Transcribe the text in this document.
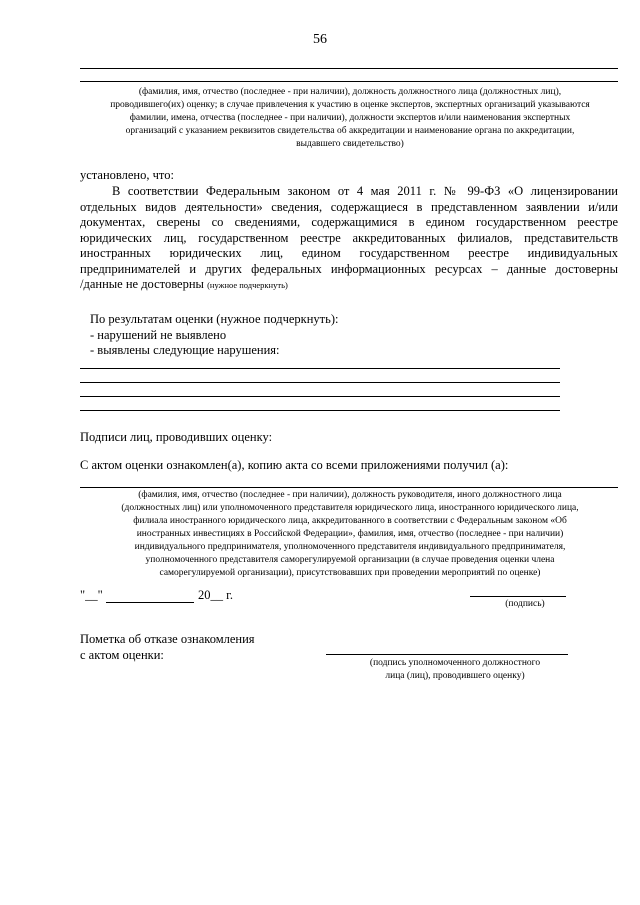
56
(фамилия, имя, отчество (последнее - при наличии), должность должностного лица (должностных лиц),
проводившего(их) оценку; в случае привлечения к участию в оценке экспертов, экспертных организаций указываются
фамилии, имена, отчества (последнее - при наличии), должности экспертов и/или наименования экспертных
организаций с указанием реквизитов свидетельства об аккредитации и наименование органа по аккредитации,
выдавшего свидетельство)
установлено, что:
В соответствии Федеральным законом от 4 мая 2011 г. № 99-ФЗ «О лицензировании
отдельных видов деятельности» сведения, содержащиеся в представленном заявлении и/или
документах, сверены со сведениями, содержащимися в едином государственном реестре
юридических лиц, государственном реестре аккредитованных филиалов, представительств
иностранных юридических лиц, едином государственном реестре индивидуальных
предпринимателей и других федеральных информационных ресурсах – данные достоверны
/данные не достоверны (нужное подчеркнуть)
По результатам оценки (нужное подчеркнуть):
- нарушений не выявлено
- выявлены следующие нарушения:
Подписи лиц, проводивших оценку:
С актом оценки ознакомлен(а), копию акта со всеми приложениями получил (а):
(фамилия, имя, отчество (последнее - при наличии), должность руководителя, иного должностного лица
(должностных лиц) или уполномоченного представителя юридического лица, иностранного юридического лица,
филиала иностранного юридического лица, аккредитованного в соответствии с Федеральным законом «Об
иностранных инвестициях в Российской Федерации», фамилия, имя, отчество (последнее - при наличии)
индивидуального предпринимателя, уполномоченного представителя индивидуального предпринимателя,
уполномоченного представителя саморегулируемой организации (в случае проведения оценки члена
саморегулируемой организации), присутствовавших при проведении мероприятий по оценке)
"__"	20__ г.
(подпись)
Пометка об отказе ознакомления
с актом оценки:
(подпись уполномоченного должностного
лица (лиц), проводившего оценку)
